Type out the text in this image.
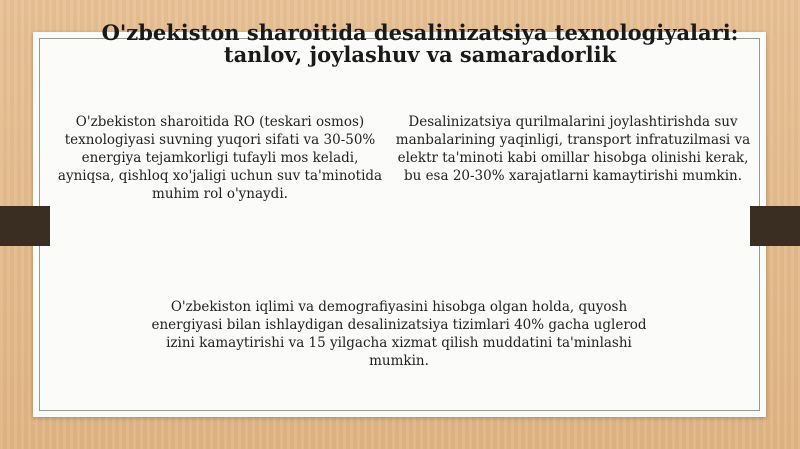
O'zbekiston sharoitida desalinizatsiya texnologiyalari: tanlov, joylashuv va samaradorlik

O'zbekiston sharoitida RO (teskari osmos) texnologiyasi suvning yuqori sifati va 30-50% energiya tejamkorligi tufayli mos keladi, ayniqsa, qishloq xo'jaligi uchun suv ta'minotida muhim rol o'ynaydi.

Desalinizatsiya qurilmalarini joylashtirishda suv manbalarining yaqinligi, transport infratuzilmasi va elektr ta'minoti kabi omillar hisobga olinishi kerak, bu esa 20-30% xarajatlarni kamaytirishi mumkin.

O'zbekiston iqlimi va demografiyasini hisobga olgan holda, quyosh energiyasi bilan ishlaydigan desalinizatsiya tizimlari 40% gacha uglerod izini kamaytirishi va 15 yilgacha xizmat qilish muddatini ta'minlashi mumkin.
